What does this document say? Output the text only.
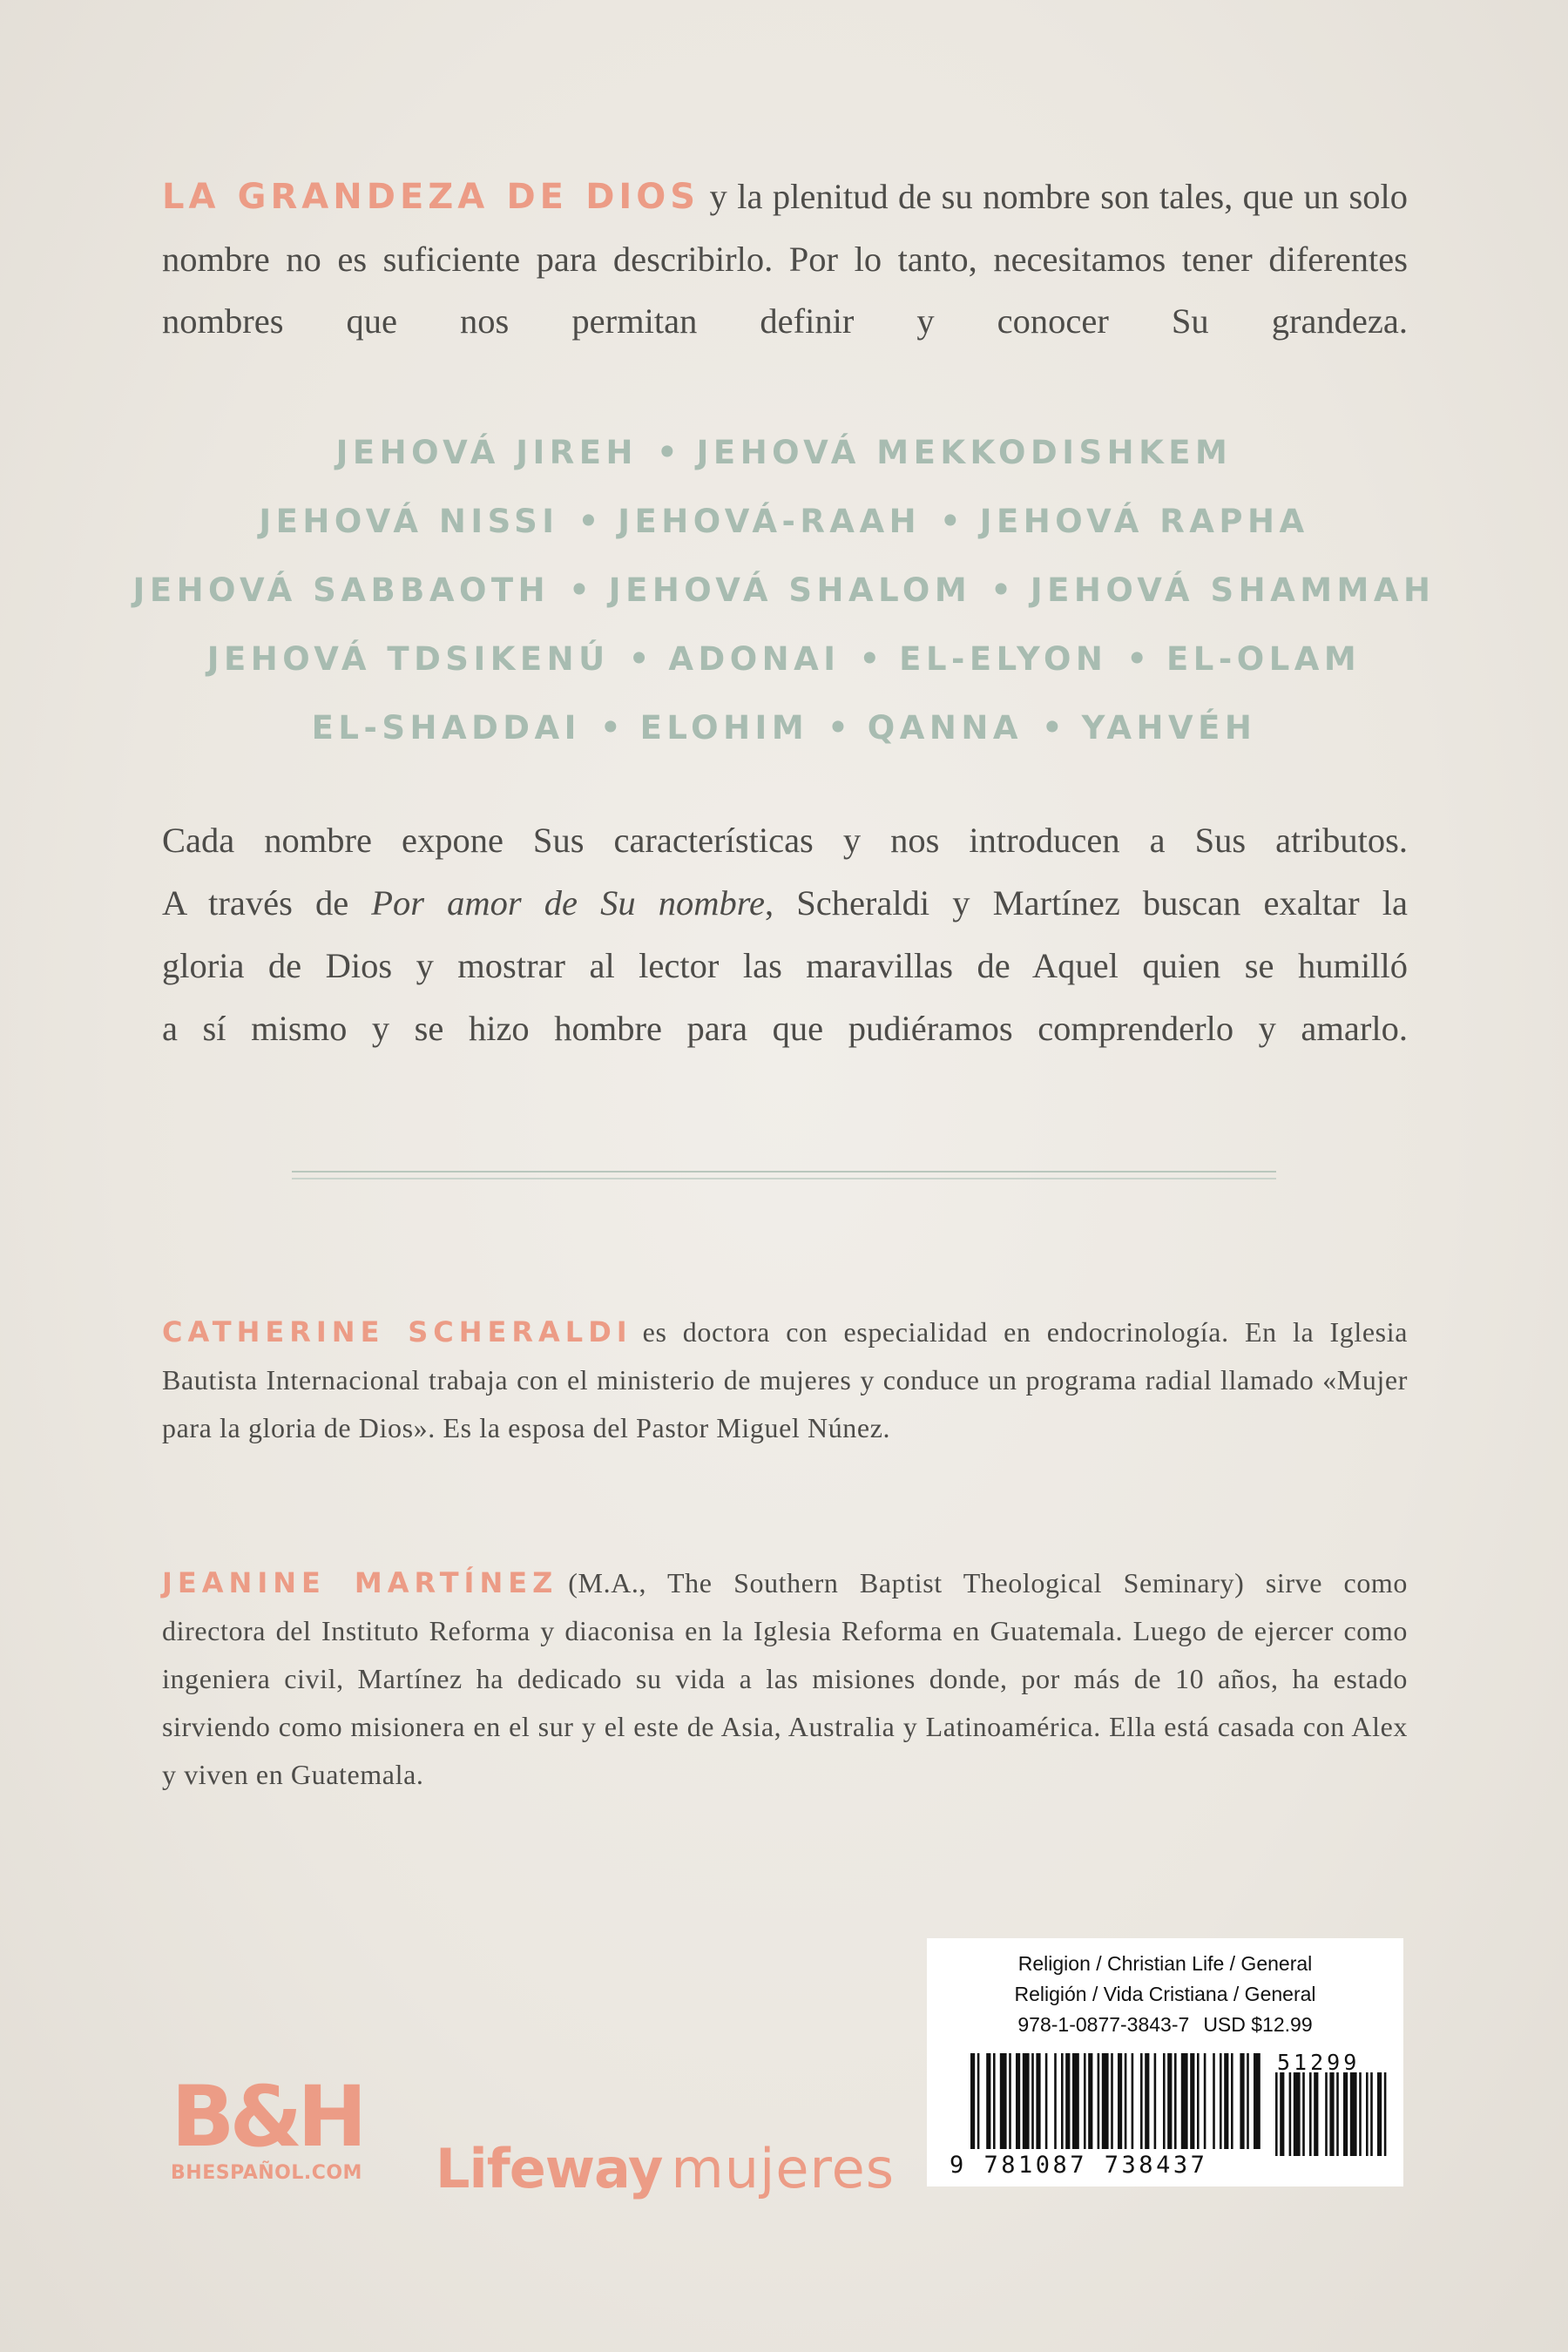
LA GRANDEZA DE DIOS y la plenitud de su nombre son tales, que un solo nombre no es suficiente para describirlo. Por lo tanto, necesitamos tener diferentes nombres que nos permitan definir y conocer Su grandeza.
JEHOVÁ JIREH • JEHOVÁ MEKKODISHKEM
JEHOVÁ NISSI • JEHOVÁ-RAAH • JEHOVÁ RAPHA
JEHOVÁ SABBAOTH • JEHOVÁ SHALOM • JEHOVÁ SHAMMAH
JEHOVÁ TDSIKENÚ • ADONAI • EL-ELYON • EL-OLAM
EL-SHADDAI • ELOHIM • QANNA • YAHVÉH
Cada nombre expone Sus características y nos introducen a Sus atributos.
A través de Por amor de Su nombre, Scheraldi y Martínez buscan exaltar la
gloria de Dios y mostrar al lector las maravillas de Aquel quien se humilló
a sí mismo y se hizo hombre para que pudiéramos comprenderlo y amarlo.
CATHERINE SCHERALDI es doctora con especialidad en endocrinología. En la Iglesia Bautista Internacional trabaja con el ministerio de mujeres y conduce un programa radial llamado «Mujer para la gloria de Dios». Es la esposa del Pastor Miguel Núnez.
JEANINE MARTÍNEZ (M.A., The Southern Baptist Theological Seminary) sirve como directora del Instituto Reforma y diaconisa en la Iglesia Reforma en Guatemala. Luego de ejercer como ingeniera civil, Martínez ha dedicado su vida a las misiones donde, por más de 10 años, ha estado sirviendo como misionera en el sur y el este de Asia, Australia y Latinoamérica. Ella está casada con Alex y viven en Guatemala.
B&H
BHESPAÑOL.COM Lifeway mujeres
Religion / Christian Life / General
Religión / Vida Cristiana / General
978-1-0877-3843-7 USD $12.99
51299
9 781087 738437
